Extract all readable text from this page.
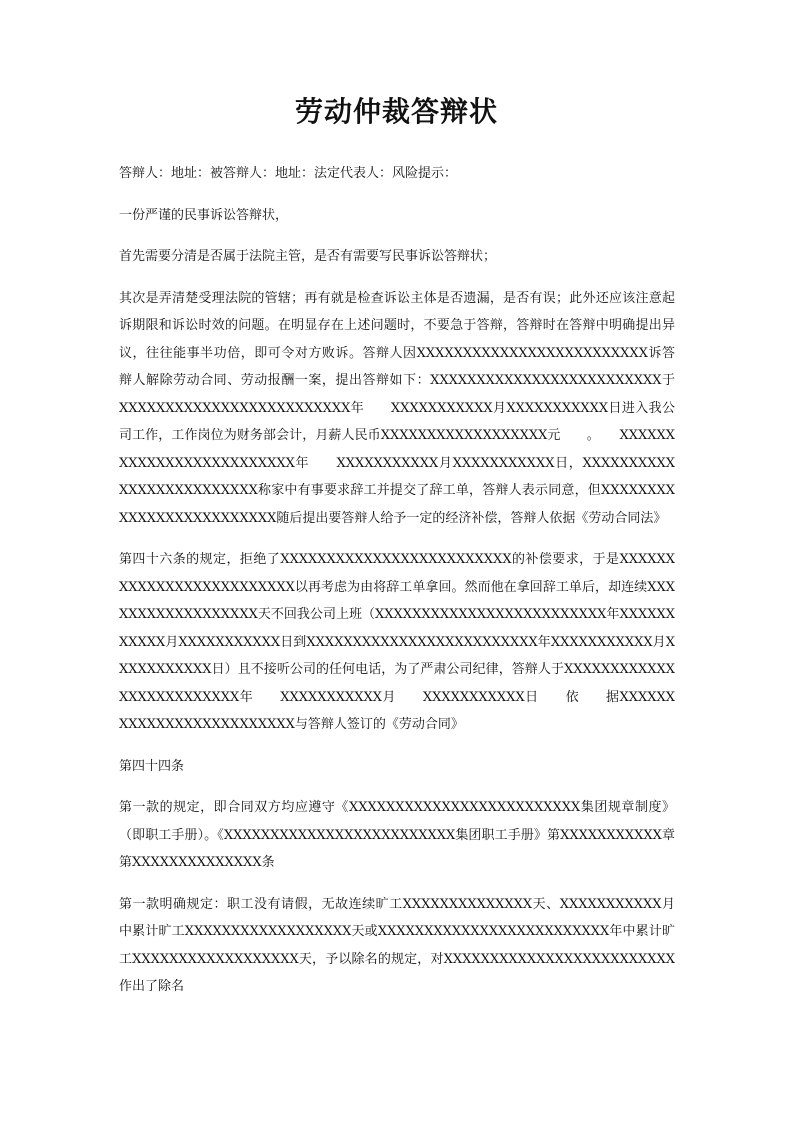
劳动仲裁答辩状

答辩人：地址：被答辩人：地址：法定代表人：风险提示：

一份严谨的民事诉讼答辩状，

首先需要分清是否属于法院主管，是否有需要写民事诉讼答辩状；

其次是弄清楚受理法院的管辖；再有就是检查诉讼主体是否遗漏，是否有误；此外还应该注意起诉期限和诉讼时效的问题。在明显存在上述问题时，不要急于答辩，答辩时在答辩中明确提出异议，往往能事半功倍，即可令对方败诉。答辩人因XXXXXXXXXXXXXXXXXXXXXXXXX诉答辩人解除劳动合同、劳动报酬一案，提出答辩如下：XXXXXXXXXXXXXXXXXXXXXXXXX于　　XXXXXXXXXXXXXXXXXXXXXXXXX年　　XXXXXXXXXXX月XXXXXXXXXXX日进入我公司工作，工作岗位为财务部会计，月薪人民币XXXXXXXXXXXXXXXXXX元　　。　　XXXXXXXXXXXXXXXXXXXXXXXXX年　　XXXXXXXXXXX月XXXXXXXXXXX日，XXXXXXXXXXXXXXXXXXXXXXXXX称家中有事要求辞工并提交了辞工单，答辩人表示同意，但XXXXXXXXXXXXXXXXXXXXXXXXX随后提出要答辩人给予一定的经济补偿，答辩人依据《劳动合同法》

第四十六条的规定，拒绝了XXXXXXXXXXXXXXXXXXXXXXXXX的补偿要求，于是XXXXXXXXXXXXXXXXXXXXXXXXX以再考虑为由将辞工单拿回。然而他在拿回辞工单后，却连续XXXXXXXXXXXXXXXXXX天不回我公司上班（XXXXXXXXXXXXXXXXXXXXXXXXX年XXXXXXXXXXX月XXXXXXXXXXX日到XXXXXXXXXXXXXXXXXXXXXXXXX年XXXXXXXXXXX月XXXXXXXXXXX日）且不接听公司的任何电话，为了严肃公司纪律，答辩人于XXXXXXXXXXXXXXXXXXXXXXXXX年　　XXXXXXXXXXX月　　XXXXXXXXXXX日　　依　　据XXXXXXXXXXXXXXXXXXXXXXXXX与答辩人签订的《劳动合同》

第四十四条

第一款的规定，即合同双方均应遵守《XXXXXXXXXXXXXXXXXXXXXXXXX集团规章制度》（即职工手册）。《XXXXXXXXXXXXXXXXXXXXXXXXX集团职工手册》第XXXXXXXXXXX章第XXXXXXXXXXXXXX条

第一款明确规定：职工没有请假，无故连续旷工XXXXXXXXXXXXXX天、XXXXXXXXXXX月中累计旷工XXXXXXXXXXXXXXXXXX天或XXXXXXXXXXXXXXXXXXXXXXXXX年中累计旷工XXXXXXXXXXXXXXXXXX天，予以除名的规定，对XXXXXXXXXXXXXXXXXXXXXXXXX作出了除名
